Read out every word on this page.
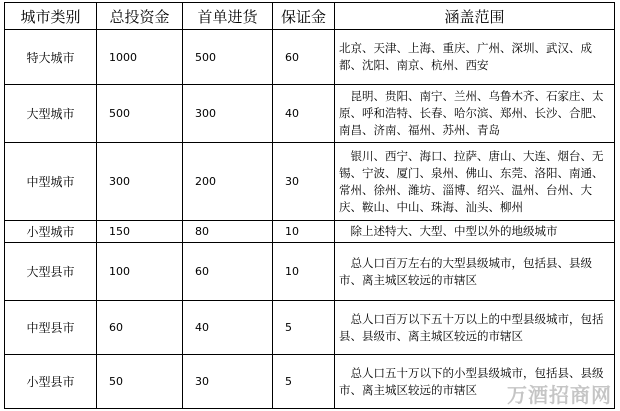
城市类别	总投资金	首单进货	保证金	涵盖范围
特大城市	1000	500	60	北京、天津、上海、重庆、广州、深圳、武汉、成都、沈阳、南京、杭州、西安
大型城市	500	300	40	　昆明、贵阳、南宁、兰州、乌鲁木齐、石家庄、太原、呼和浩特、长春、哈尔滨、郑州、长沙、合肥、南昌、济南、福州、苏州、青岛
中型城市	300	200	30	　银川、西宁、海口、拉萨、唐山、大连、烟台、无锡、宁波、厦门、泉州、佛山、东莞、洛阳、南通、常州、徐州、潍坊、淄博、绍兴、温州、台州、大庆、鞍山、中山、珠海、汕头、柳州
小型城市	150	80	10	　除上述特大、大型、中型以外的地级城市
大型县市	100	60	10	　总人口百万左右的大型县级城市，包括县、县级市、离主城区较远的市辖区
中型县市	60	40	5	　总人口百万以下五十万以上的中型县级城市，包括县、县级市、离主城区较远的市辖区
小型县市	50	30	5	　总人口五十万以下的小型县级城市，包括县、县级市、离主城区较远的市辖区 万酒招商网
